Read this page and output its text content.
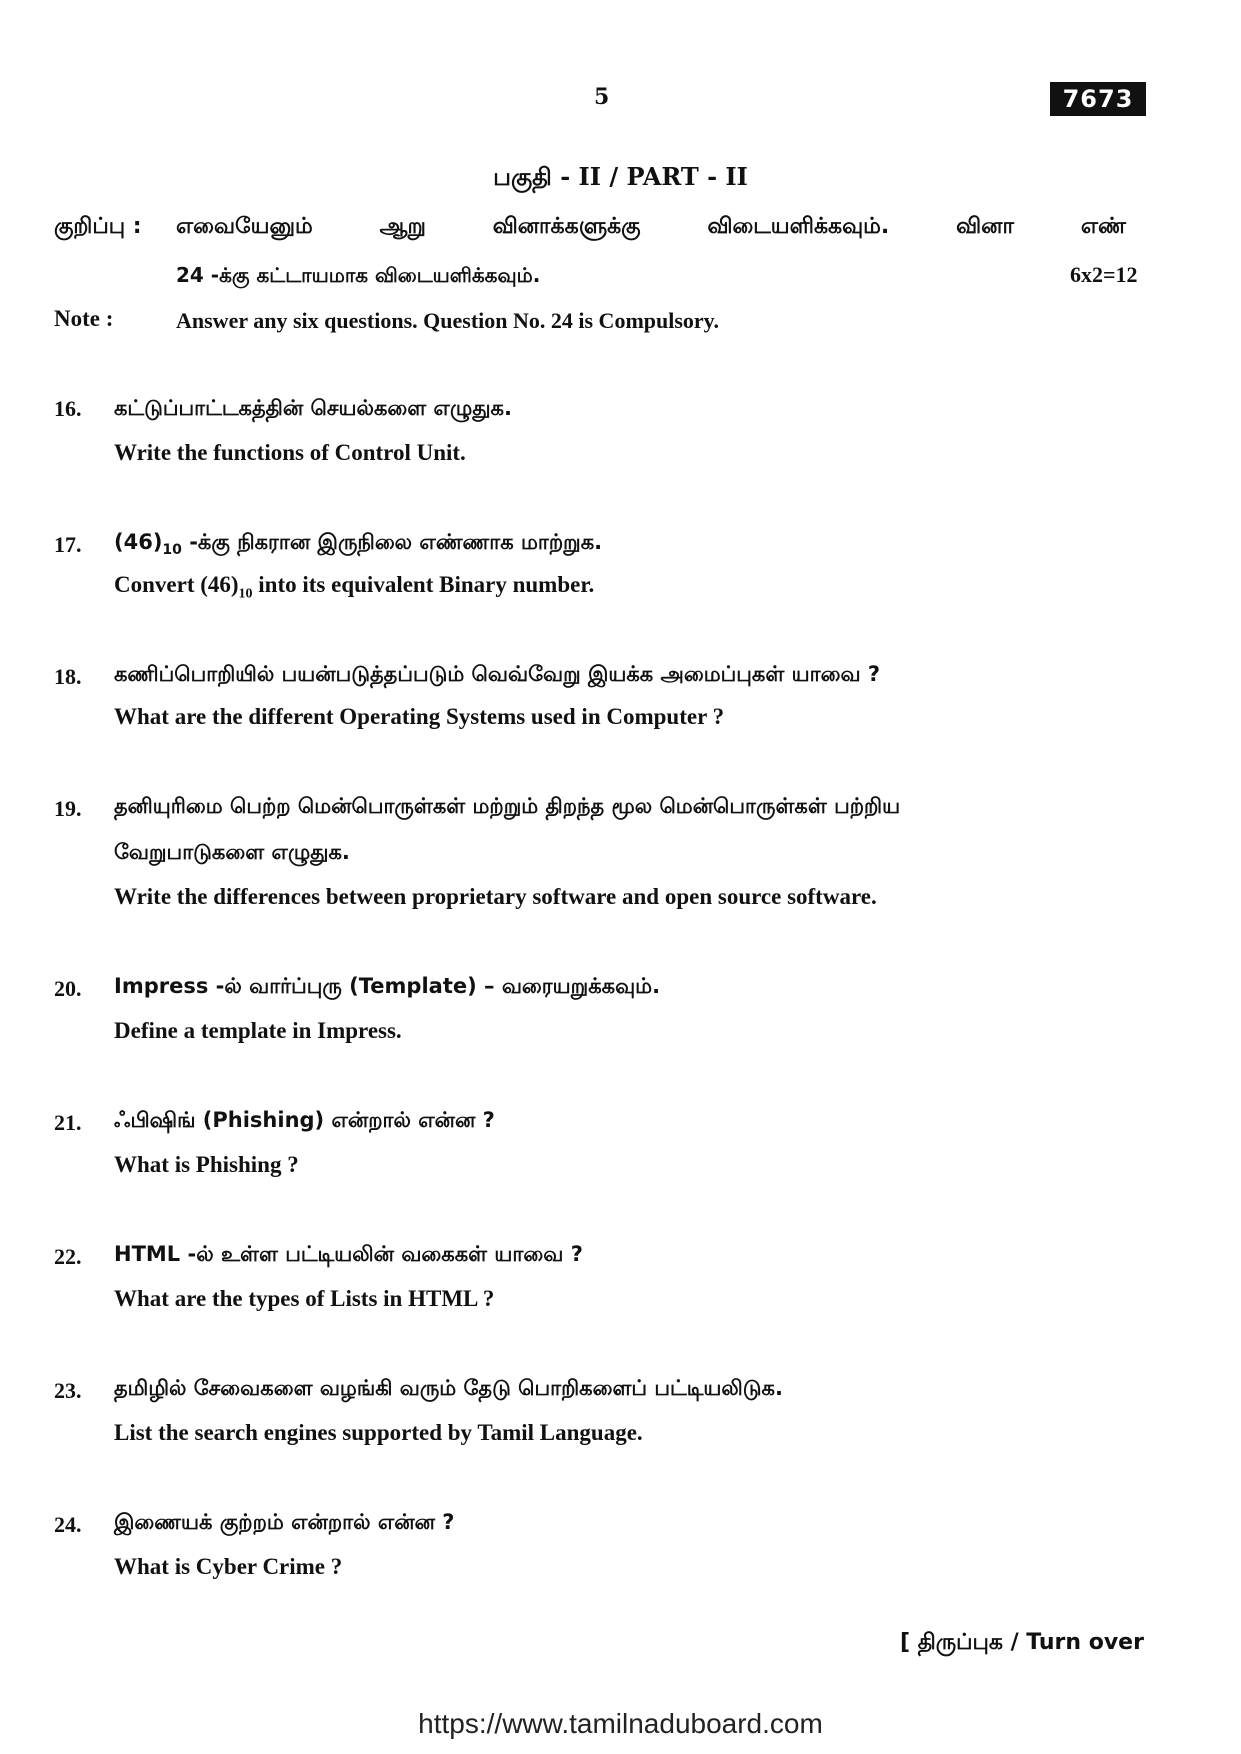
5	7673
பகுதி - II / PART - II
குறிப்பு : எவையேனும் ஆறு வினாக்களுக்கு விடையளிக்கவும். வினா எண்
24 -க்கு கட்டாயமாக விடையளிக்கவும்.	6x2=12
Note :	Answer any six questions. Question No. 24 is Compulsory.
16. கட்டுப்பாட்டகத்தின் செயல்களை எழுதுக.
Write the functions of Control Unit.
17. $(46)_{10}$ -க்கு நிகரான இருநிலை எண்ணாக மாற்றுக.
Convert $(46)_{10}$ into its equivalent Binary number.
18. கணிப்பொறியில் பயன்படுத்தப்படும் வெவ்வேறு இயக்க அமைப்புகள் யாவை ?
What are the different Operating Systems used in Computer ?
19. தனியுரிமை பெற்ற மென்பொருள்கள் மற்றும் திறந்த மூல மென்பொருள்கள் பற்றிய
வேறுபாடுகளை எழுதுக.
Write the differences between proprietary software and open source software.
20. Impress -ல் வார்ப்புரு (Template) – வரையறுக்கவும்.
Define a template in Impress.
21. ஃபிஷிங் (Phishing) என்றால் என்ன ?
What is Phishing ?
22. HTML -ல் உள்ள பட்டியலின் வகைகள் யாவை ?
What are the types of Lists in HTML ?
23. தமிழில் சேவைகளை வழங்கி வரும் தேடு பொறிகளைப் பட்டியலிடுக.
List the search engines supported by Tamil Language.
24. இணையக் குற்றம் என்றால் என்ன ?
What is Cyber Crime ?
[ திருப்புக / Turn over
https://www.tamilnaduboard.com
